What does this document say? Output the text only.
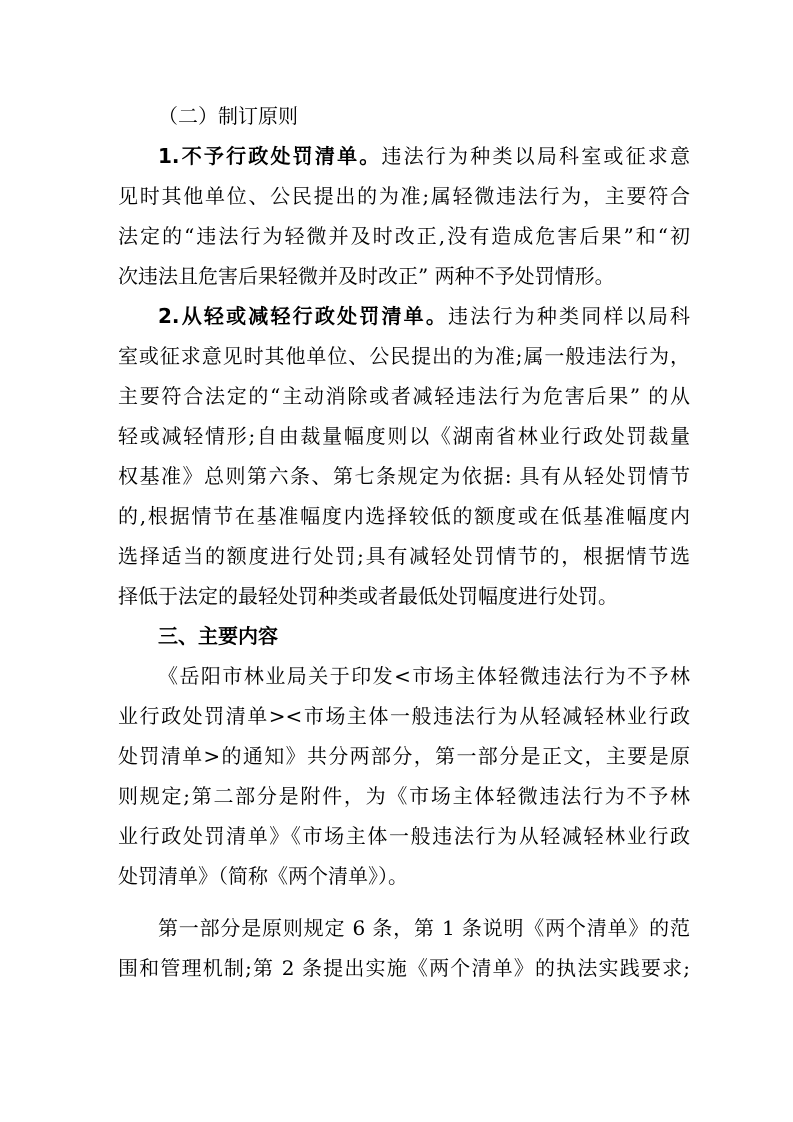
（二）制订原则
1.不予行政处罚清单。违法行为种类以局科室或征求意
见时其他单位、公民提出的为准;属轻微违法行为，主要符合
法定的“违法行为轻微并及时改正,没有造成危害后果”和“初
次违法且危害后果轻微并及时改正” 两种不予处罚情形。
2.从轻或减轻行政处罚清单。违法行为种类同样以局科
室或征求意见时其他单位、公民提出的为准;属一般违法行为，
主要符合法定的“主动消除或者减轻违法行为危害后果” 的从
轻或减轻情形;自由裁量幅度则以《湖南省林业行政处罚裁量
权基准》总则第六条、第七条规定为依据: 具有从轻处罚情节
的,根据情节在基准幅度内选择较低的额度或在低基准幅度内
选择适当的额度进行处罚;具有减轻处罚情节的，根据情节选
择低于法定的最轻处罚种类或者最低处罚幅度进行处罚。
三、主要内容
《岳阳市林业局关于印发<市场主体轻微违法行为不予林
业行政处罚清单><市场主体一般违法行为从轻减轻林业行政
处罚清单>的通知》共分两部分，第一部分是正文，主要是原
则规定;第二部分是附件，为《市场主体轻微违法行为不予林
业行政处罚清单》《市场主体一般违法行为从轻减轻林业行政
处罚清单》（简称《两个清单》）。
第一部分是原则规定 6 条，第 1 条说明《两个清单》的范
围和管理机制;第 2 条提出实施《两个清单》的执法实践要求;
